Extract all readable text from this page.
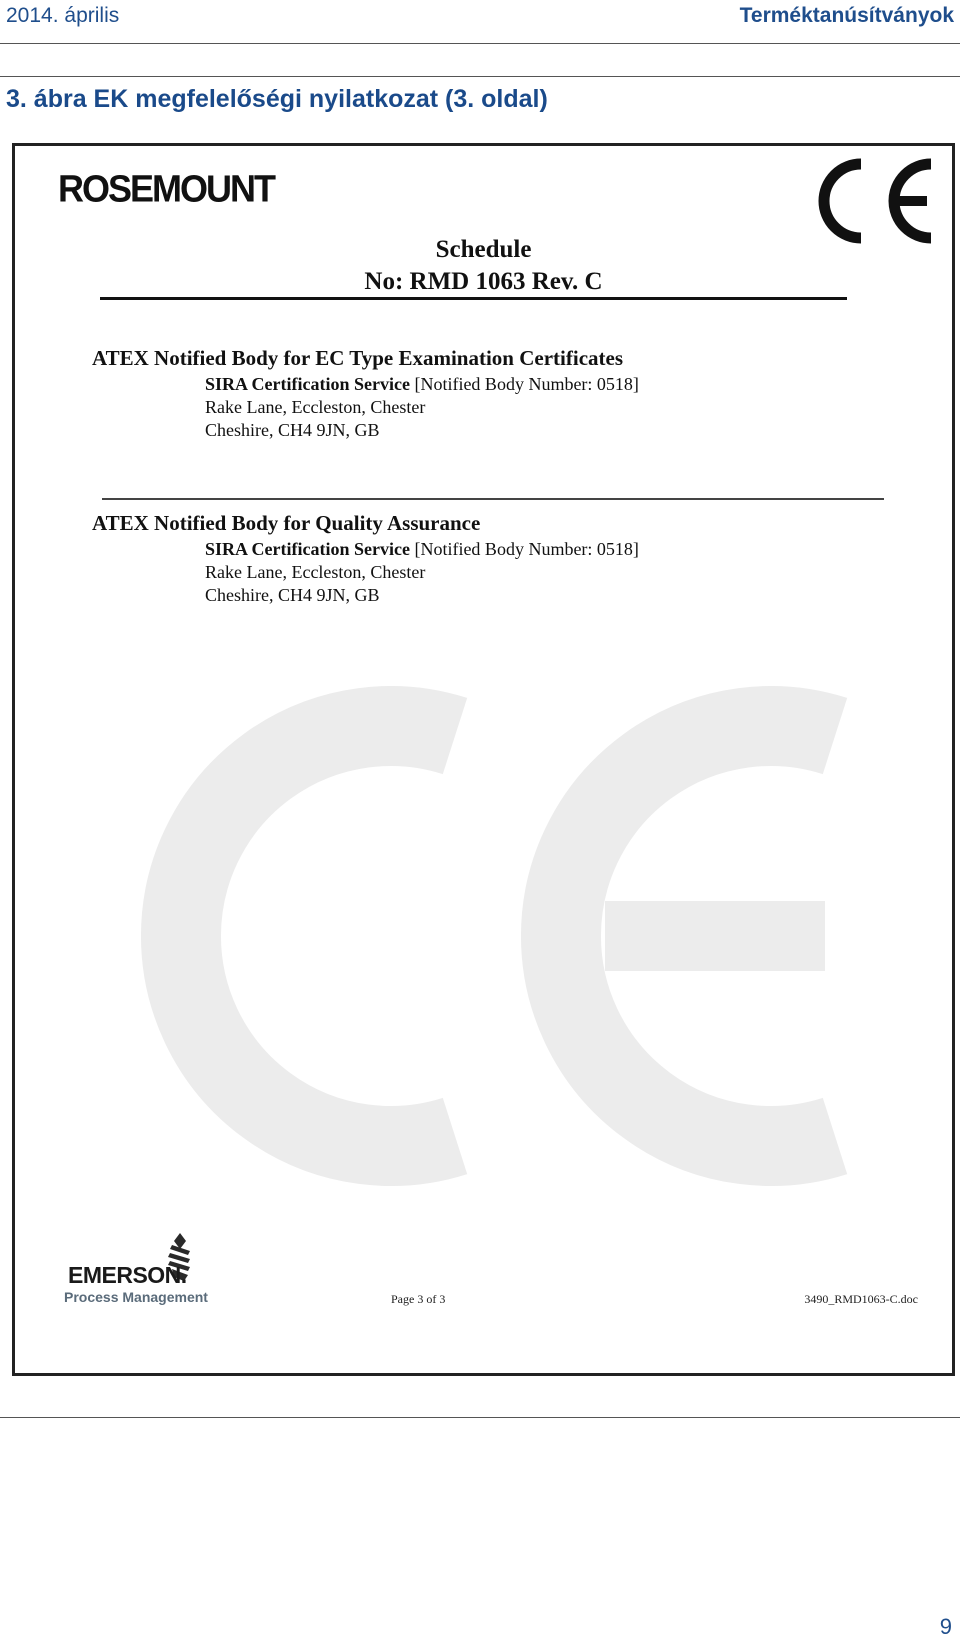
2014. április	Terméktanúsítványok
3. ábra EK megfelelőségi nyilatkozat (3. oldal)
ROSEMOUNT
Schedule
No: RMD 1063 Rev. C
ATEX Notified Body for EC Type Examination Certificates
SIRA Certification Service [Notified Body Number: 0518]
Rake Lane, Eccleston, Chester
Cheshire, CH4 9JN, GB
ATEX Notified Body for Quality Assurance
SIRA Certification Service [Notified Body Number: 0518]
Rake Lane, Eccleston, Chester
Cheshire, CH4 9JN, GB
EMERSON.
Process Management	Page 3 of 3	3490_RMD1063-C.doc
9
